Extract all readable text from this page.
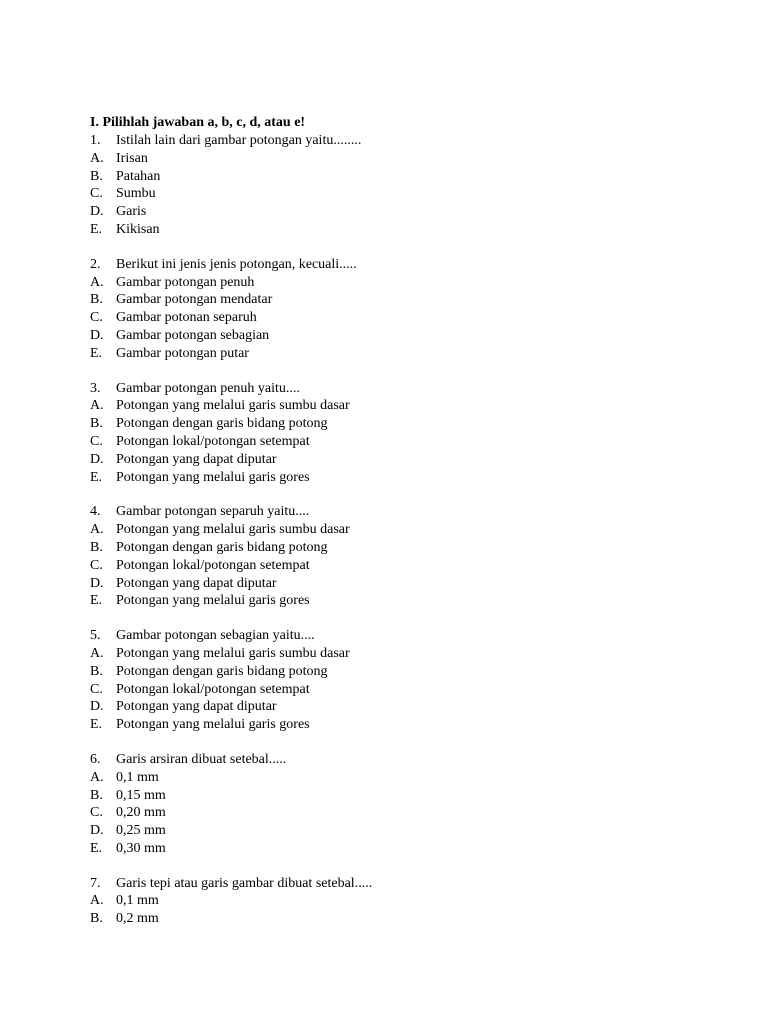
I. Pilihlah jawaban a, b, c, d, atau e!
1.	Istilah lain dari gambar potongan yaitu........
A. Irisan
B. Patahan
C. Sumbu
D. Garis
E. Kikisan
2.	Berikut ini jenis jenis potongan, kecuali.....
A. Gambar potongan penuh
B. Gambar potongan mendatar
C. Gambar potonan separuh
D. Gambar potongan sebagian
E. Gambar potongan putar
3.	Gambar potongan penuh yaitu....
A. Potongan yang melalui garis sumbu dasar
B. Potongan dengan garis bidang potong
C. Potongan lokal/potongan setempat
D. Potongan yang dapat diputar
E. Potongan yang melalui garis gores
4.	Gambar potongan separuh yaitu....
A. Potongan yang melalui garis sumbu dasar
B. Potongan dengan garis bidang potong
C. Potongan lokal/potongan setempat
D. Potongan yang dapat diputar
E. Potongan yang melalui garis gores
5.	Gambar potongan sebagian yaitu....
A. Potongan yang melalui garis sumbu dasar
B. Potongan dengan garis bidang potong
C. Potongan lokal/potongan setempat
D. Potongan yang dapat diputar
E. Potongan yang melalui garis gores
6.	Garis arsiran dibuat setebal.....
A. 0,1 mm
B. 0,15 mm
C. 0,20 mm
D. 0,25 mm
E. 0,30 mm
7.	Garis tepi atau garis gambar dibuat setebal.....
A. 0,1 mm
B. 0,2 mm
